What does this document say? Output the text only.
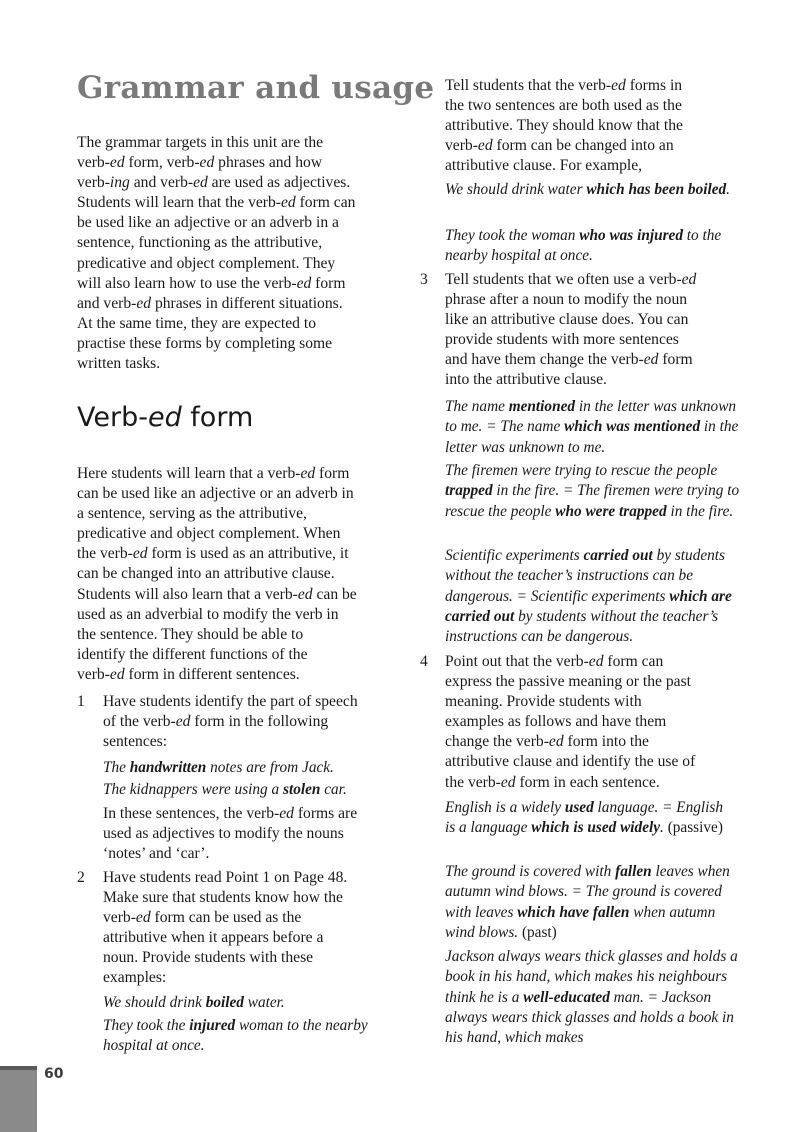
Grammar and usage
The grammar targets in this unit are the
verb-ed form, verb-ed phrases and how
verb-ing and verb-ed are used as adjectives.
Students will learn that the verb-ed form can
be used like an adjective or an adverb in a
sentence, functioning as the attributive,
predicative and object complement. They
will also learn how to use the verb-ed form
and verb-ed phrases in different situations.
At the same time, they are expected to
practise these forms by completing some
written tasks.
Verb-ed form
Here students will learn that a verb-ed form
can be used like an adjective or an adverb in
a sentence, serving as the attributive,
predicative and object complement. When
the verb-ed form is used as an attributive, it
can be changed into an attributive clause.
Students will also learn that a verb-ed can be
used as an adverbial to modify the verb in
the sentence. They should be able to
identify the different functions of the
verb-ed form in different sentences.
1 Have students identify the part of speech
of the verb-ed form in the following
sentences:
The handwritten notes are from Jack.
The kidnappers were using a stolen car.
In these sentences, the verb-ed forms are
used as adjectives to modify the nouns
‘notes’ and ‘car’.
2 Have students read Point 1 on Page 48.
Make sure that students know how the
verb-ed form can be used as the
attributive when it appears before a
noun. Provide students with these
examples:
We should drink boiled water.
They took the injured woman to the nearby hospital at once.
Tell students that the verb-ed forms in
the two sentences are both used as the
attributive. They should know that the
verb-ed form can be changed into an
attributive clause. For example,
We should drink water which has been boiled.
They took the woman who was injured to the nearby hospital at once.
3 Tell students that we often use a verb-ed
phrase after a noun to modify the noun
like an attributive clause does. You can
provide students with more sentences
and have them change the verb-ed form
into the attributive clause.
The name mentioned in the letter was unknown to me. = The name which was mentioned in the letter was unknown to me.
The firemen were trying to rescue the people trapped in the fire. = The firemen were trying to rescue the people who were trapped in the fire.
Scientific experiments carried out by students without the teacher’s instructions can be dangerous. = Scientific experiments which are carried out by students without the teacher’s instructions can be dangerous.
4 Point out that the verb-ed form can
express the passive meaning or the past
meaning. Provide students with
examples as follows and have them
change the verb-ed form into the
attributive clause and identify the use of
the verb-ed form in each sentence.
English is a widely used language. = English is a language which is used widely. (passive)
The ground is covered with fallen leaves when autumn wind blows. = The ground is covered with leaves which have fallen when autumn wind blows. (past)
Jackson always wears thick glasses and holds a book in his hand, which makes his neighbours think he is a well-educated man. = Jackson always wears thick glasses and holds a book in his hand, which makes
60
